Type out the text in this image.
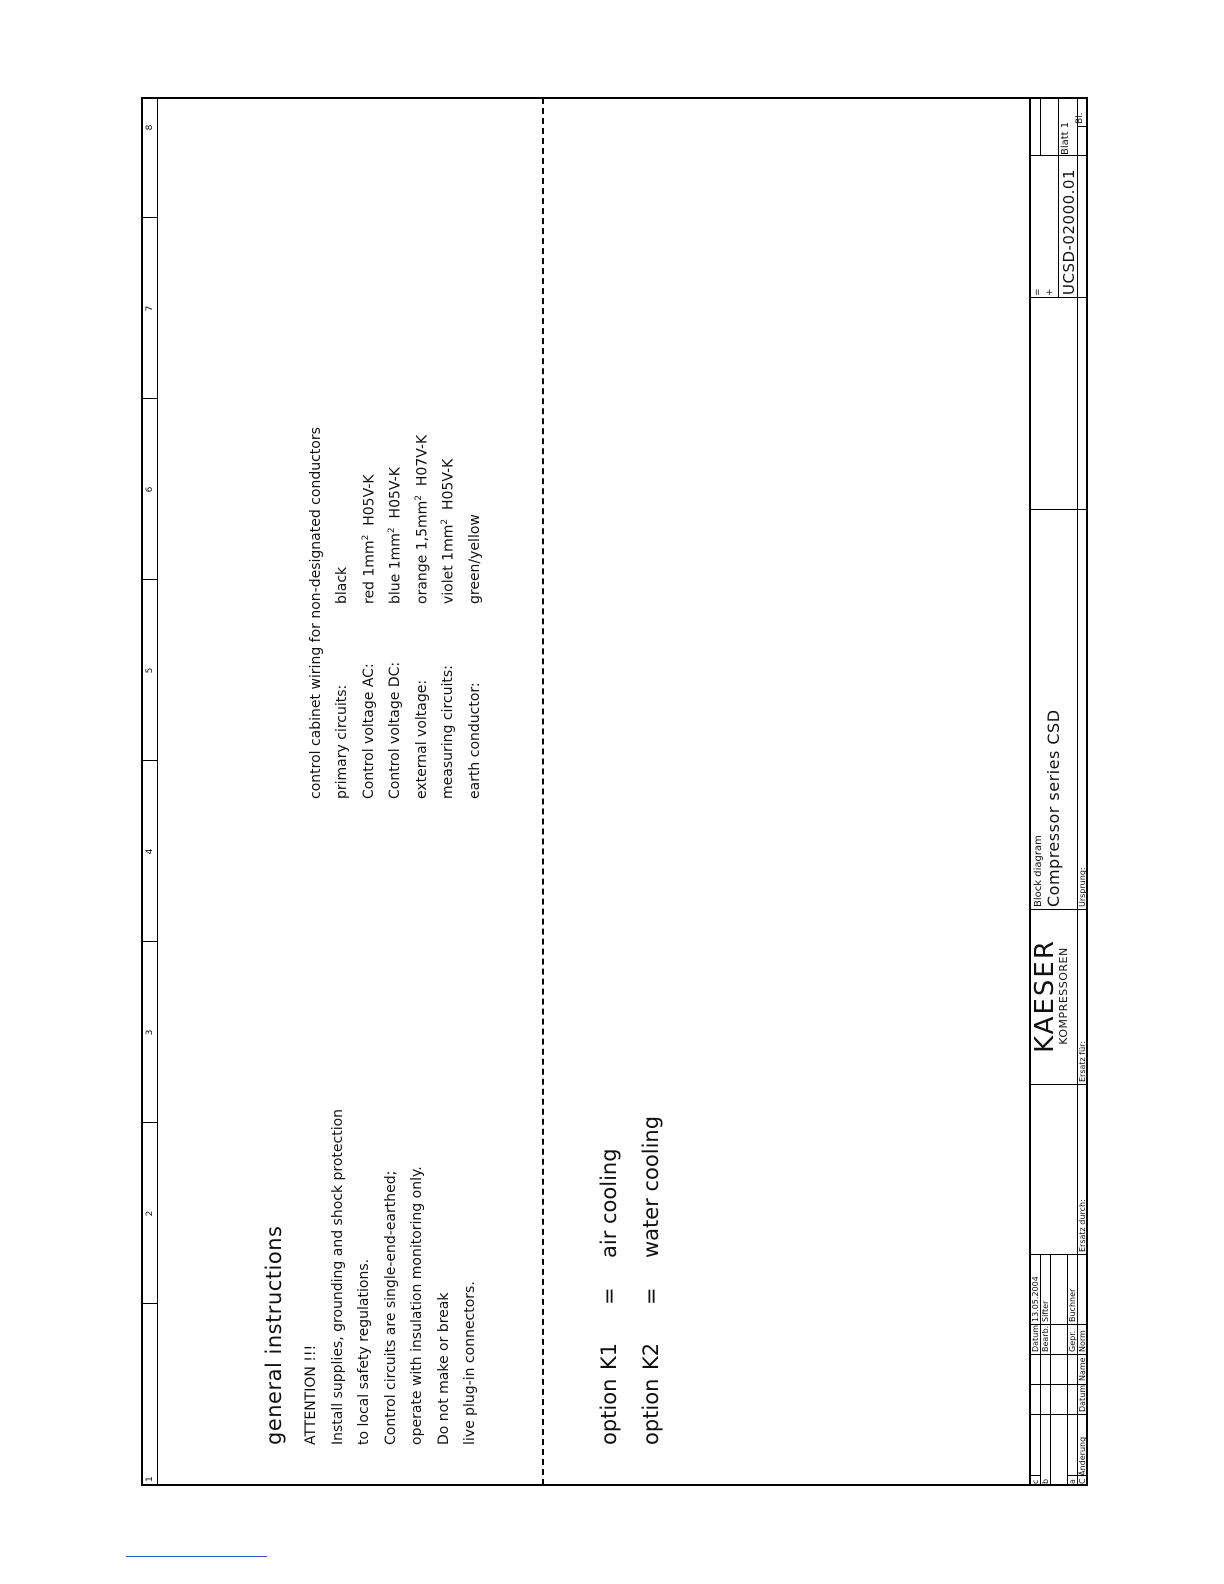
1
2
3
4
5
6
7
8
general instructions	ATTENTION !!! Install supplies, grounding and shock protection to local safety regulations. Control circuits are single-end-earthed; operate with insulation monitoring only. Do not make or break live plug-in connectors.
control cabinet wiring for non-designated conductors primary circuits:
black
Control voltage AC:
red $1mm^2$  H05V-K
Control voltage DC:
blue $1mm^2$  H05V-K
external voltage:
orange $1,5mm^2$  H07V-K
measuring circuits:
violet $1mm^2$  H05V-K
earth conductor:
green/yellow
option
K1
=
air cooling
option
K2
=
water cooling
c b a C Änderung
Datum
Name
Datum
13.05.2004
Bearb.
Sifter
Gepr.
Buchner
Norm
Ersatz durch:
Ersatz für:
Ursprung:
KAESER
KOMPRESSOREN
Block diagram Compressor series CSD
= + UCSD-02000.01
Blatt 1
Bl.
